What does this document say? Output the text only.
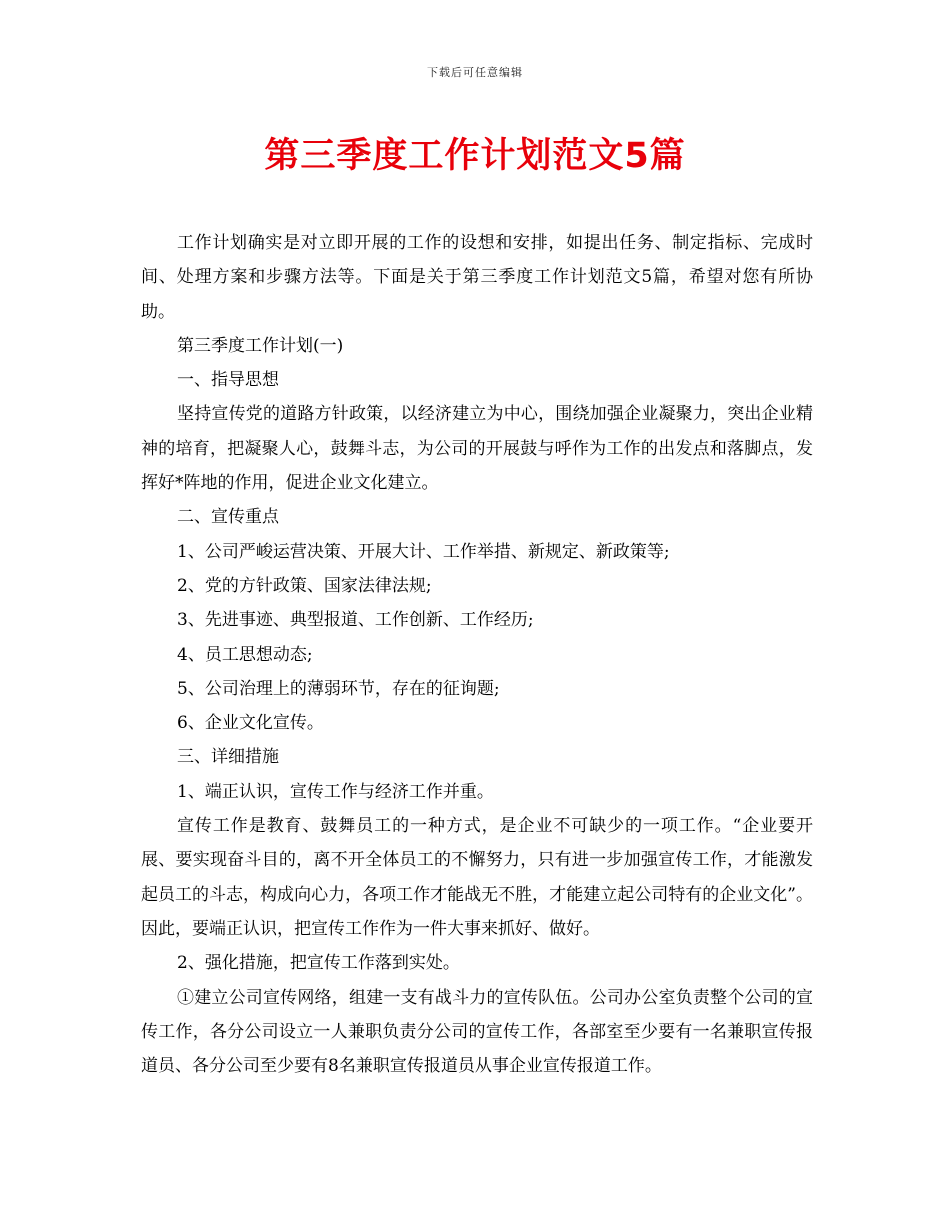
下载后可任意编辑
第三季度工作计划范文5篇

工作计划确实是对立即开展的工作的设想和安排，如提出任务、制定指标、完成时间、处理方案和步骤方法等。下面是关于第三季度工作计划范文5篇，希望对您有所协助。

第三季度工作计划(一)

一、指导思想

坚持宣传党的道路方针政策，以经济建立为中心，围绕加强企业凝聚力，突出企业精神的培育，把凝聚人心，鼓舞斗志，为公司的开展鼓与呼作为工作的出发点和落脚点，发挥好*阵地的作用，促进企业文化建立。

二、宣传重点

1、公司严峻运营决策、开展大计、工作举措、新规定、新政策等;

2、党的方针政策、国家法律法规;

3、先进事迹、典型报道、工作创新、工作经历;

4、员工思想动态;

5、公司治理上的薄弱环节，存在的征询题;

6、企业文化宣传。

三、详细措施

1、端正认识，宣传工作与经济工作并重。

宣传工作是教育、鼓舞员工的一种方式，是企业不可缺少的一项工作。“企业要开展、要实现奋斗目的，离不开全体员工的不懈努力，只有进一步加强宣传工作，才能激发起员工的斗志，构成向心力，各项工作才能战无不胜，才能建立起公司特有的企业文化”。因此，要端正认识，把宣传工作作为一件大事来抓好、做好。

2、强化措施，把宣传工作落到实处。

①建立公司宣传网络，组建一支有战斗力的宣传队伍。公司办公室负责整个公司的宣传工作，各分公司设立一人兼职负责分公司的宣传工作，各部室至少要有一名兼职宣传报道员、各分公司至少要有8名兼职宣传报道员从事企业宣传报道工作。
